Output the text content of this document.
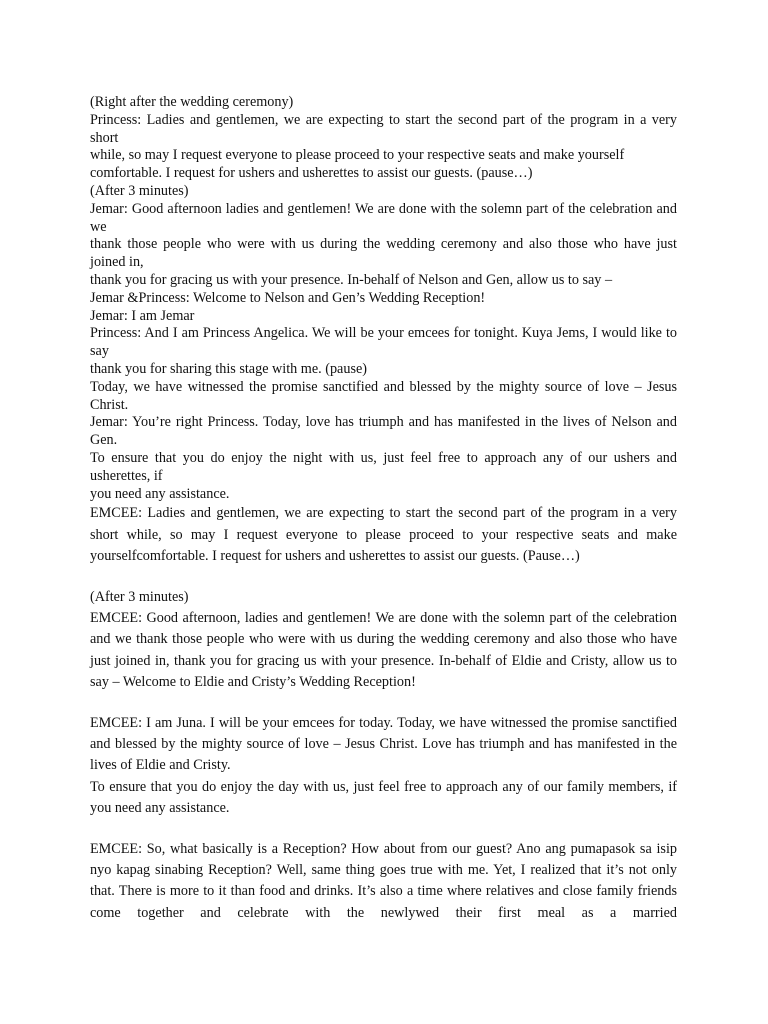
(Right after the wedding ceremony)

Princess: Ladies and gentlemen, we are expecting to start the second part of the program in a very short

while, so may I request everyone to please proceed to your respective seats and make yourself

comfortable. I request for ushers and usherettes to assist our guests. (pause…)

(After 3 minutes)

Jemar: Good afternoon ladies and gentlemen! We are done with the solemn part of the celebration and we

thank those people who were with us during the wedding ceremony and also those who have just joined in,

thank you for gracing us with your presence. In-behalf of Nelson and Gen, allow us to say –

Jemar &Princess: Welcome to Nelson and Gen’s Wedding Reception!

Jemar: I am Jemar

Princess: And I am Princess Angelica. We will be your emcees for tonight. Kuya Jems, I would like to say

thank you for sharing this stage with me. (pause)

Today, we have witnessed the promise sanctified and blessed by the mighty source of love – Jesus Christ.

Jemar: You’re right Princess. Today, love has triumph and has manifested in the lives of Nelson and Gen.

To ensure that you do enjoy the night with us, just feel free to approach any of our ushers and usherettes, if

you need any assistance.

EMCEE: Ladies and gentlemen, we are expecting to start the second part of the program in a very short while, so may I request everyone to please proceed to your respective seats and make yourselfcomfortable. I request for ushers and usherettes to assist our guests. (Pause…)

(After 3 minutes)

EMCEE: Good afternoon, ladies and gentlemen! We are done with the solemn part of the celebration and we thank those people who were with us during the wedding ceremony and also those who have just joined in, thank you for gracing us with your presence. In-behalf of Eldie and Cristy, allow us to say – Welcome to Eldie and Cristy’s Wedding Reception!

EMCEE: I am Juna. I will be your emcees for today. Today, we have witnessed the promise sanctified and blessed by the mighty source of love – Jesus Christ. Love has triumph and has manifested in the lives of Eldie and Cristy.

To ensure that you do enjoy the day with us, just feel free to approach any of our family members, if you need any assistance.

EMCEE: So, what basically is a Reception? How about from our guest? Ano ang pumapasok sa isip nyo kapag sinabing Reception? Well, same thing goes true with me. Yet, I realized that it’s not only that. There is more to it than food and drinks. It’s also a time where relatives and close family friends come together and celebrate with the newlywed their first meal as a married
